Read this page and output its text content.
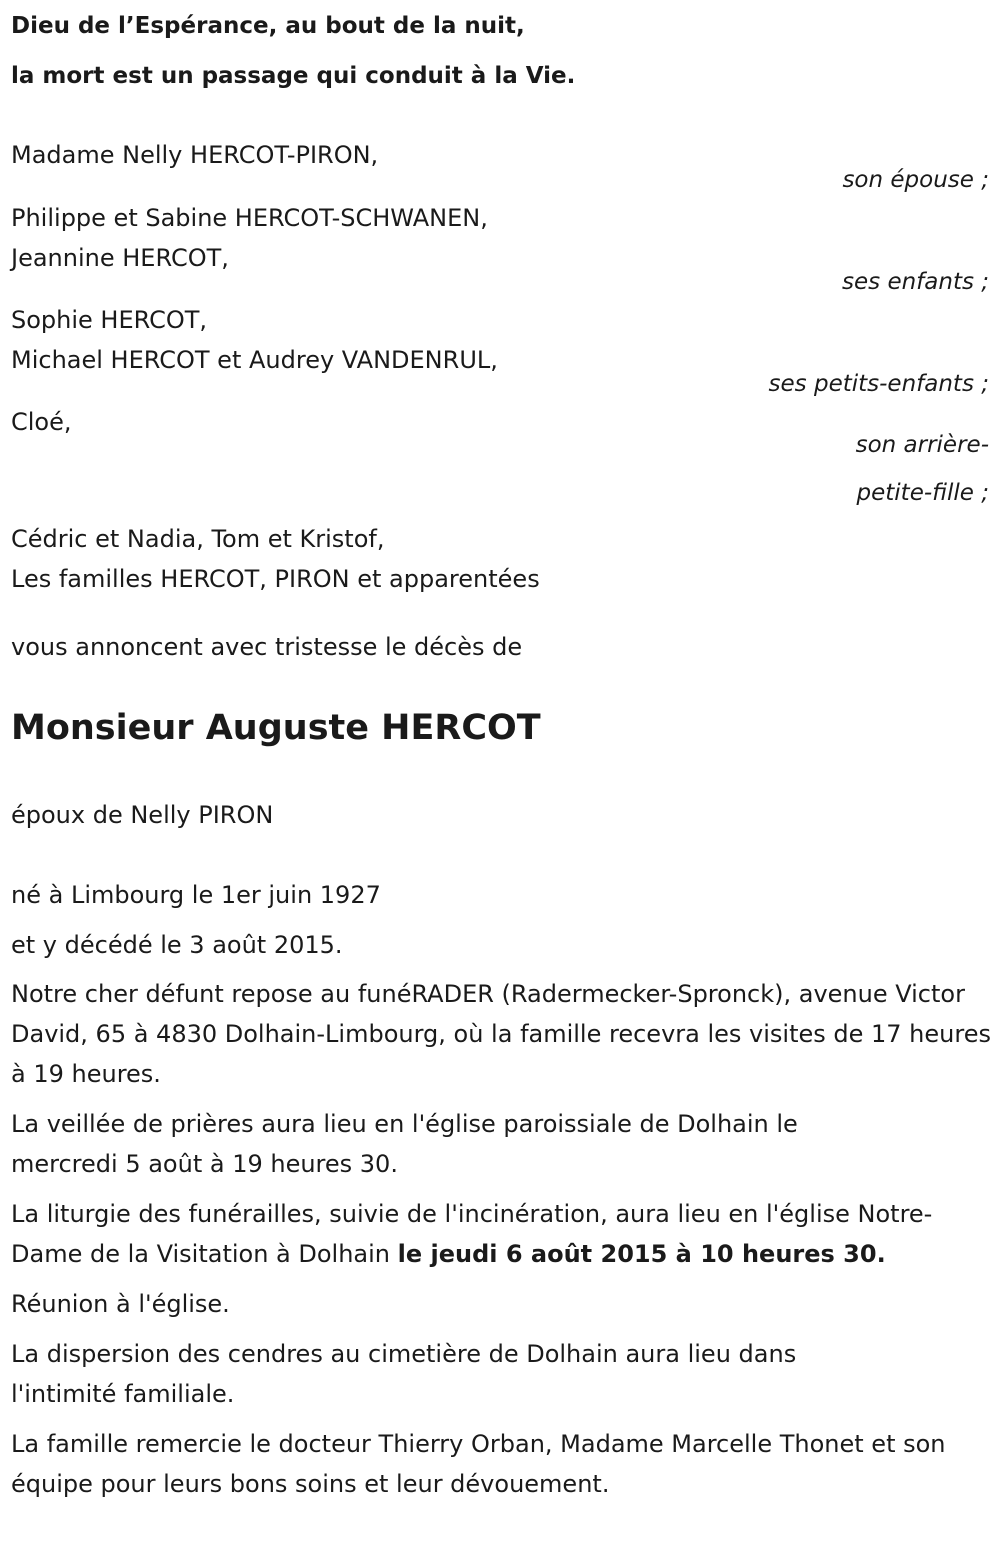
Dieu de l’Espérance, au bout de la nuit,
la mort est un passage qui conduit à la Vie.
Madame Nelly HERCOT-PIRON,
son épouse ;
Philippe et Sabine HERCOT-SCHWANEN,
Jeannine HERCOT,
ses enfants ;
Sophie HERCOT,
Michael HERCOT et Audrey VANDENRUL,
ses petits-enfants ;
Cloé,
son arrière-
petite-fille ;
Cédric et Nadia, Tom et Kristof,
Les familles HERCOT, PIRON et apparentées
vous annoncent avec tristesse le décès de
Monsieur Auguste HERCOT
époux de Nelly PIRON
né à Limbourg le 1er juin 1927
et y décédé le 3 août 2015.

Notre cher défunt repose au funéRADER (Radermecker-Spronck), avenue Victor David, 65 à 4830 Dolhain-Limbourg, où la famille recevra les visites de 17 heures à 19 heures.

La veillée de prières aura lieu en l'église paroissiale de Dolhain le mercredi 5 août à 19 heures 30.

La liturgie des funérailles, suivie de l'incinération, aura lieu en l'église Notre-Dame de la Visitation à Dolhain le jeudi 6 août 2015 à 10 heures 30.

Réunion à l'église.

La dispersion des cendres au cimetière de Dolhain aura lieu dans l'intimité familiale.

La famille remercie le docteur Thierry Orban, Madame Marcelle Thonet et son équipe pour leurs bons soins et leur dévouement.
